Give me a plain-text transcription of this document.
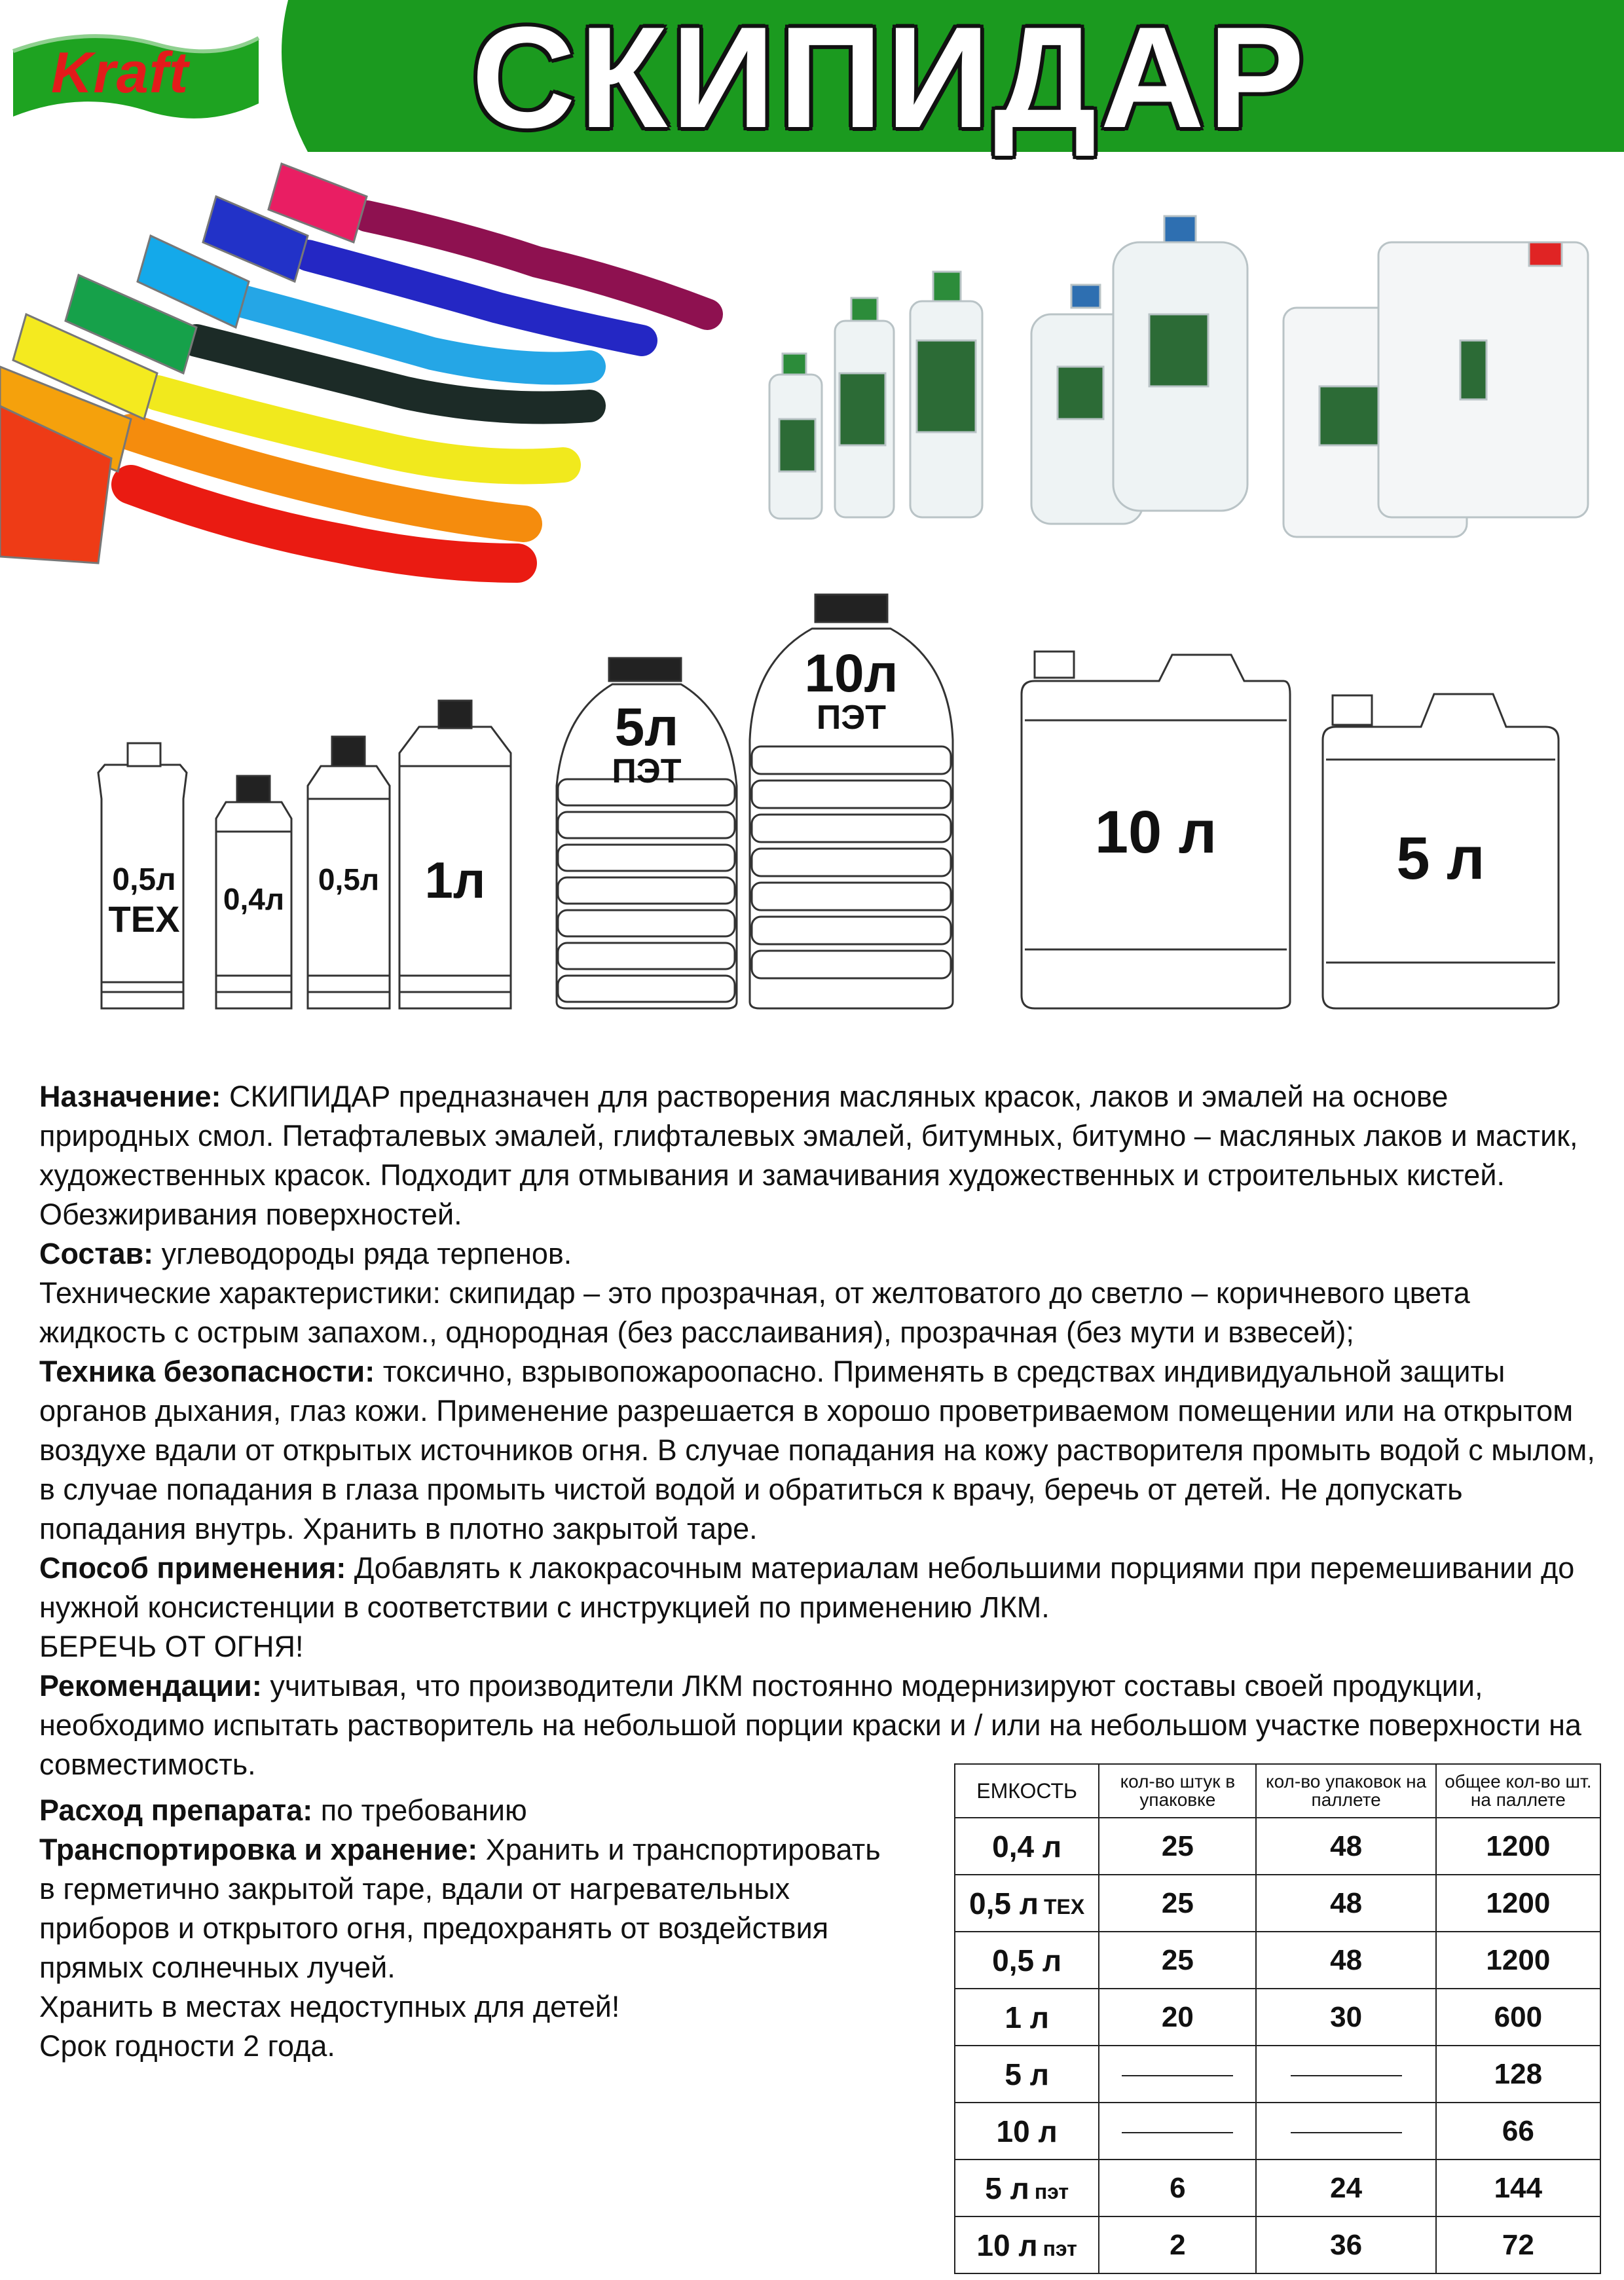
Kraft СКИПИДАР
0,5л
ТЕХ 0,4л
0,5л 1л
5л
ПЭТ
10л
ПЭТ
10 л	5 л

Назначение: СКИПИДАР предназначен для растворения масляных красок, лаков и эмалей на основе природных смол. Петафталевых эмалей, глифталевых эмалей, битумных, битумно – масляных лаков и мастик, художественных красок. Подходит для отмывания и замачивания художественных и строительных кистей. Обезжиривания поверхностей.

Состав: углеводороды ряда терпенов.

Технические характеристики: скипидар – это прозрачная, от желтоватого до светло – коричневого цвета жидкость с острым запахом., однородная (без расслаивания), прозрачная (без мути и взвесей);

Техника безопасности: токсично, взрывопожароопасно. Применять в средствах индивидуальной защиты органов дыхания, глаз кожи. Применение разрешается в хорошо проветриваемом помещении или на открытом воздухе вдали от открытых источников огня. В случае попадания на кожу растворителя промыть водой с мылом, в случае попадания в глаза промыть чистой водой и обратиться к врачу, беречь от детей. Не допускать попадания внутрь. Хранить в плотно закрытой таре.

Способ применения: Добавлять к лакокрасочным материалам небольшими порциями при перемешивании до нужной консистенции в соответствии с инструкцией по применению ЛКМ.

БЕРЕЧЬ ОТ ОГНЯ!

Рекомендации: учитывая, что производители ЛКМ постоянно модернизируют составы своей продукции, необходимо испытать растворитель на небольшой порции краски и / или на небольшом участке поверхности на совместимость.

Расход препарата: по требованию

Транспортировка и хранение: Хранить и транспортировать в герметично закрытой таре, вдали от нагревательных приборов и открытого огня, предохранять от воздействия прямых солнечных лучей.

Хранить в местах недоступных для детей!

Срок годности 2 года.

ЕМКОСТЬ	кол-во штук в упаковке	кол-во упаковок на паллете	общее кол-во шт. на паллете
0,4 л	25	48	1200
0,5 л ТЕХ	25	48	1200
0,5 л	25	48	1200
1 л	20	30	600
5 л			128
10 л			66
5 л пэт	6	24	144
10 л пэт	2	36	72
